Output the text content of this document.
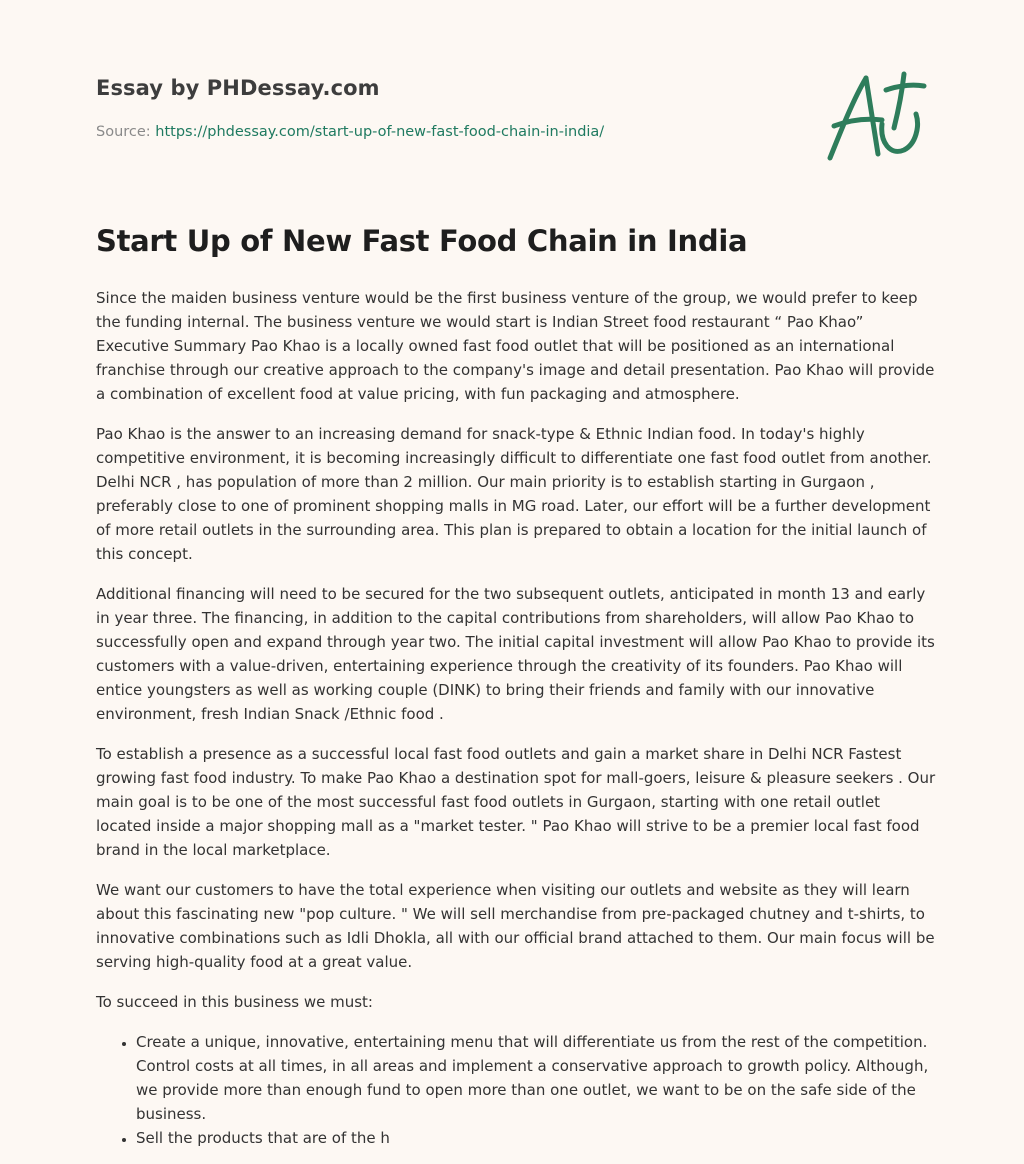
Essay by PHDessay.com
Source: https://phdessay.com/start-up-of-new-fast-food-chain-in-india/
Start Up of New Fast Food Chain in India

Since the maiden business venture would be the first business venture of the group, we would prefer to keep the funding internal. The business venture we would start is Indian Street food restaurant “ Pao Khao” Executive Summary Pao Khao is a locally owned fast food outlet that will be positioned as an international franchise through our creative approach to the company's image and detail presentation. Pao Khao will provide a combination of excellent food at value pricing, with fun packaging and atmosphere.

Pao Khao is the answer to an increasing demand for snack-type & Ethnic Indian food. In today's highly competitive environment, it is becoming increasingly difficult to differentiate one fast food outlet from another. Delhi NCR , has population of more than 2 million. Our main priority is to establish starting in Gurgaon , preferably close to one of prominent shopping malls in MG road. Later, our effort will be a further development of more retail outlets in the surrounding area. This plan is prepared to obtain a location for the initial launch of this concept.

Additional financing will need to be secured for the two subsequent outlets, anticipated in month 13 and early in year three. The financing, in addition to the capital contributions from shareholders, will allow Pao Khao to successfully open and expand through year two. The initial capital investment will allow Pao Khao to provide its customers with a value-driven, entertaining experience through the creativity of its founders. Pao Khao will entice youngsters as well as working couple (DINK) to bring their friends and family with our innovative environment, fresh Indian Snack /Ethnic food .

To establish a presence as a successful local fast food outlets and gain a market share in Delhi NCR Fastest growing fast food industry. To make Pao Khao a destination spot for mall-goers, leisure & pleasure seekers . Our main goal is to be one of the most successful fast food outlets in Gurgaon, starting with one retail outlet located inside a major shopping mall as a "market tester. " Pao Khao will strive to be a premier local fast food brand in the local marketplace.

We want our customers to have the total experience when visiting our outlets and website as they will learn about this fascinating new "pop culture. " We will sell merchandise from pre-packaged chutney and t-shirts, to innovative combinations such as Idli Dhokla, all with our official brand attached to them. Our main focus will be serving high-quality food at a great value.

To succeed in this business we must:

• Create a unique, innovative, entertaining menu that will differentiate us from the rest of the competition. Control costs at all times, in all areas and implement a conservative approach to growth policy. Although, we provide more than enough fund to open more than one outlet, we want to be on the safe side of the business.
• Sell the products that are of the h
